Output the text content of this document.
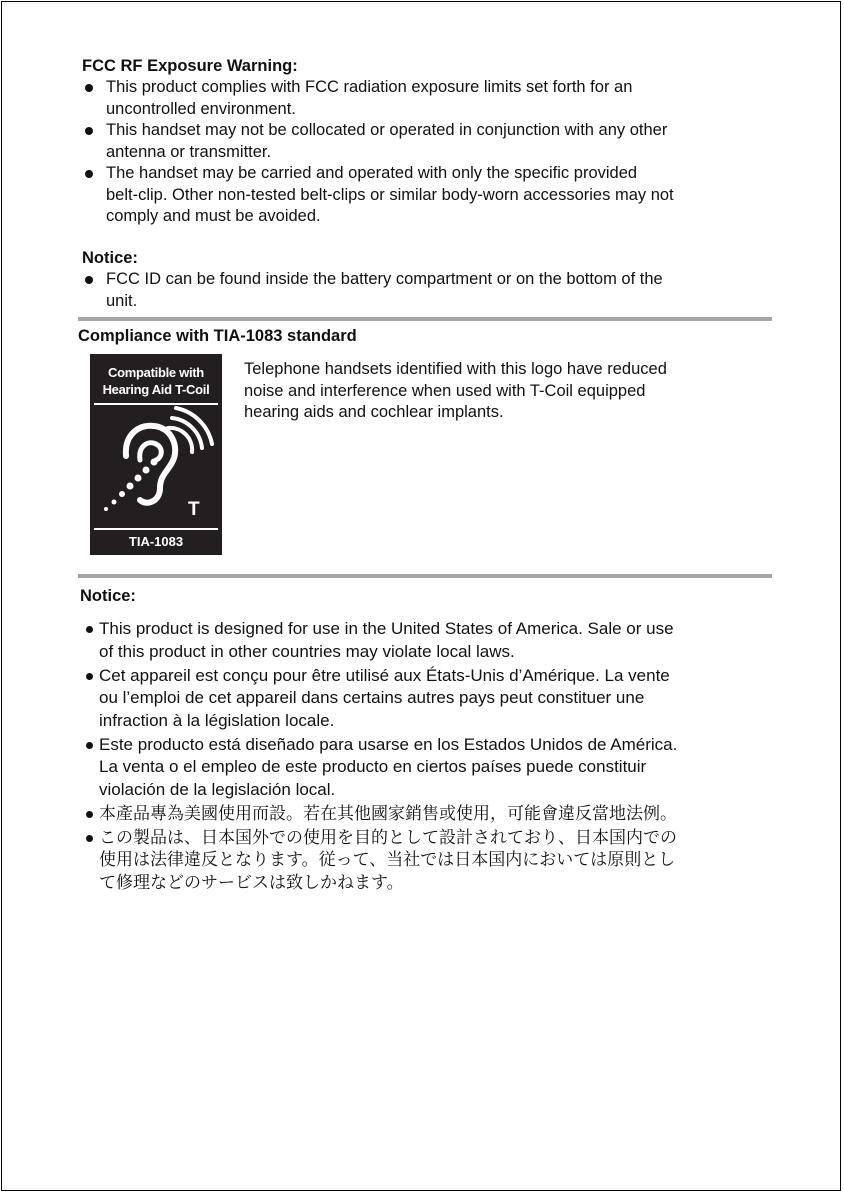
FCC RF Exposure Warning:

This product complies with FCC radiation exposure limits set forth for an
uncontrolled environment.
This handset may not be collocated or operated in conjunction with any other
antenna or transmitter.
The handset may be carried and operated with only the specific provided
belt-clip. Other non-tested belt-clips or similar body-worn accessories may not
comply and must be avoided.

Notice:

FCC ID can be found inside the battery compartment or on the bottom of the
unit.

Compliance with TIA-1083 standard

Compatible with
Hearing Aid T-Coil
T
TIA-1083
Telephone handsets identified with this logo have reduced
noise and interference when used with T-Coil equipped
hearing aids and cochlear implants.

Notice:

This product is designed for use in the United States of America. Sale or use
of this product in other countries may violate local laws.
Cet appareil est conçu pour être utilisé aux États-Unis d’Amérique. La vente
ou l’emploi de cet appareil dans certains autres pays peut constituer une
infraction à la législation locale.
Este producto está diseñado para usarse en los Estados Unidos de América.
La venta o el empleo de este producto en ciertos países puede constituir
violación de la legislación local.
本產品專為美國使用而設。若在其他國家銷售或使用，可能會違反當地法例。
この製品は、日本国外での使用を目的として設計されており、日本国内での
使用は法律違反となります。従って、当社では日本国内においては原則とし
て修理などのサービスは致しかねます。
